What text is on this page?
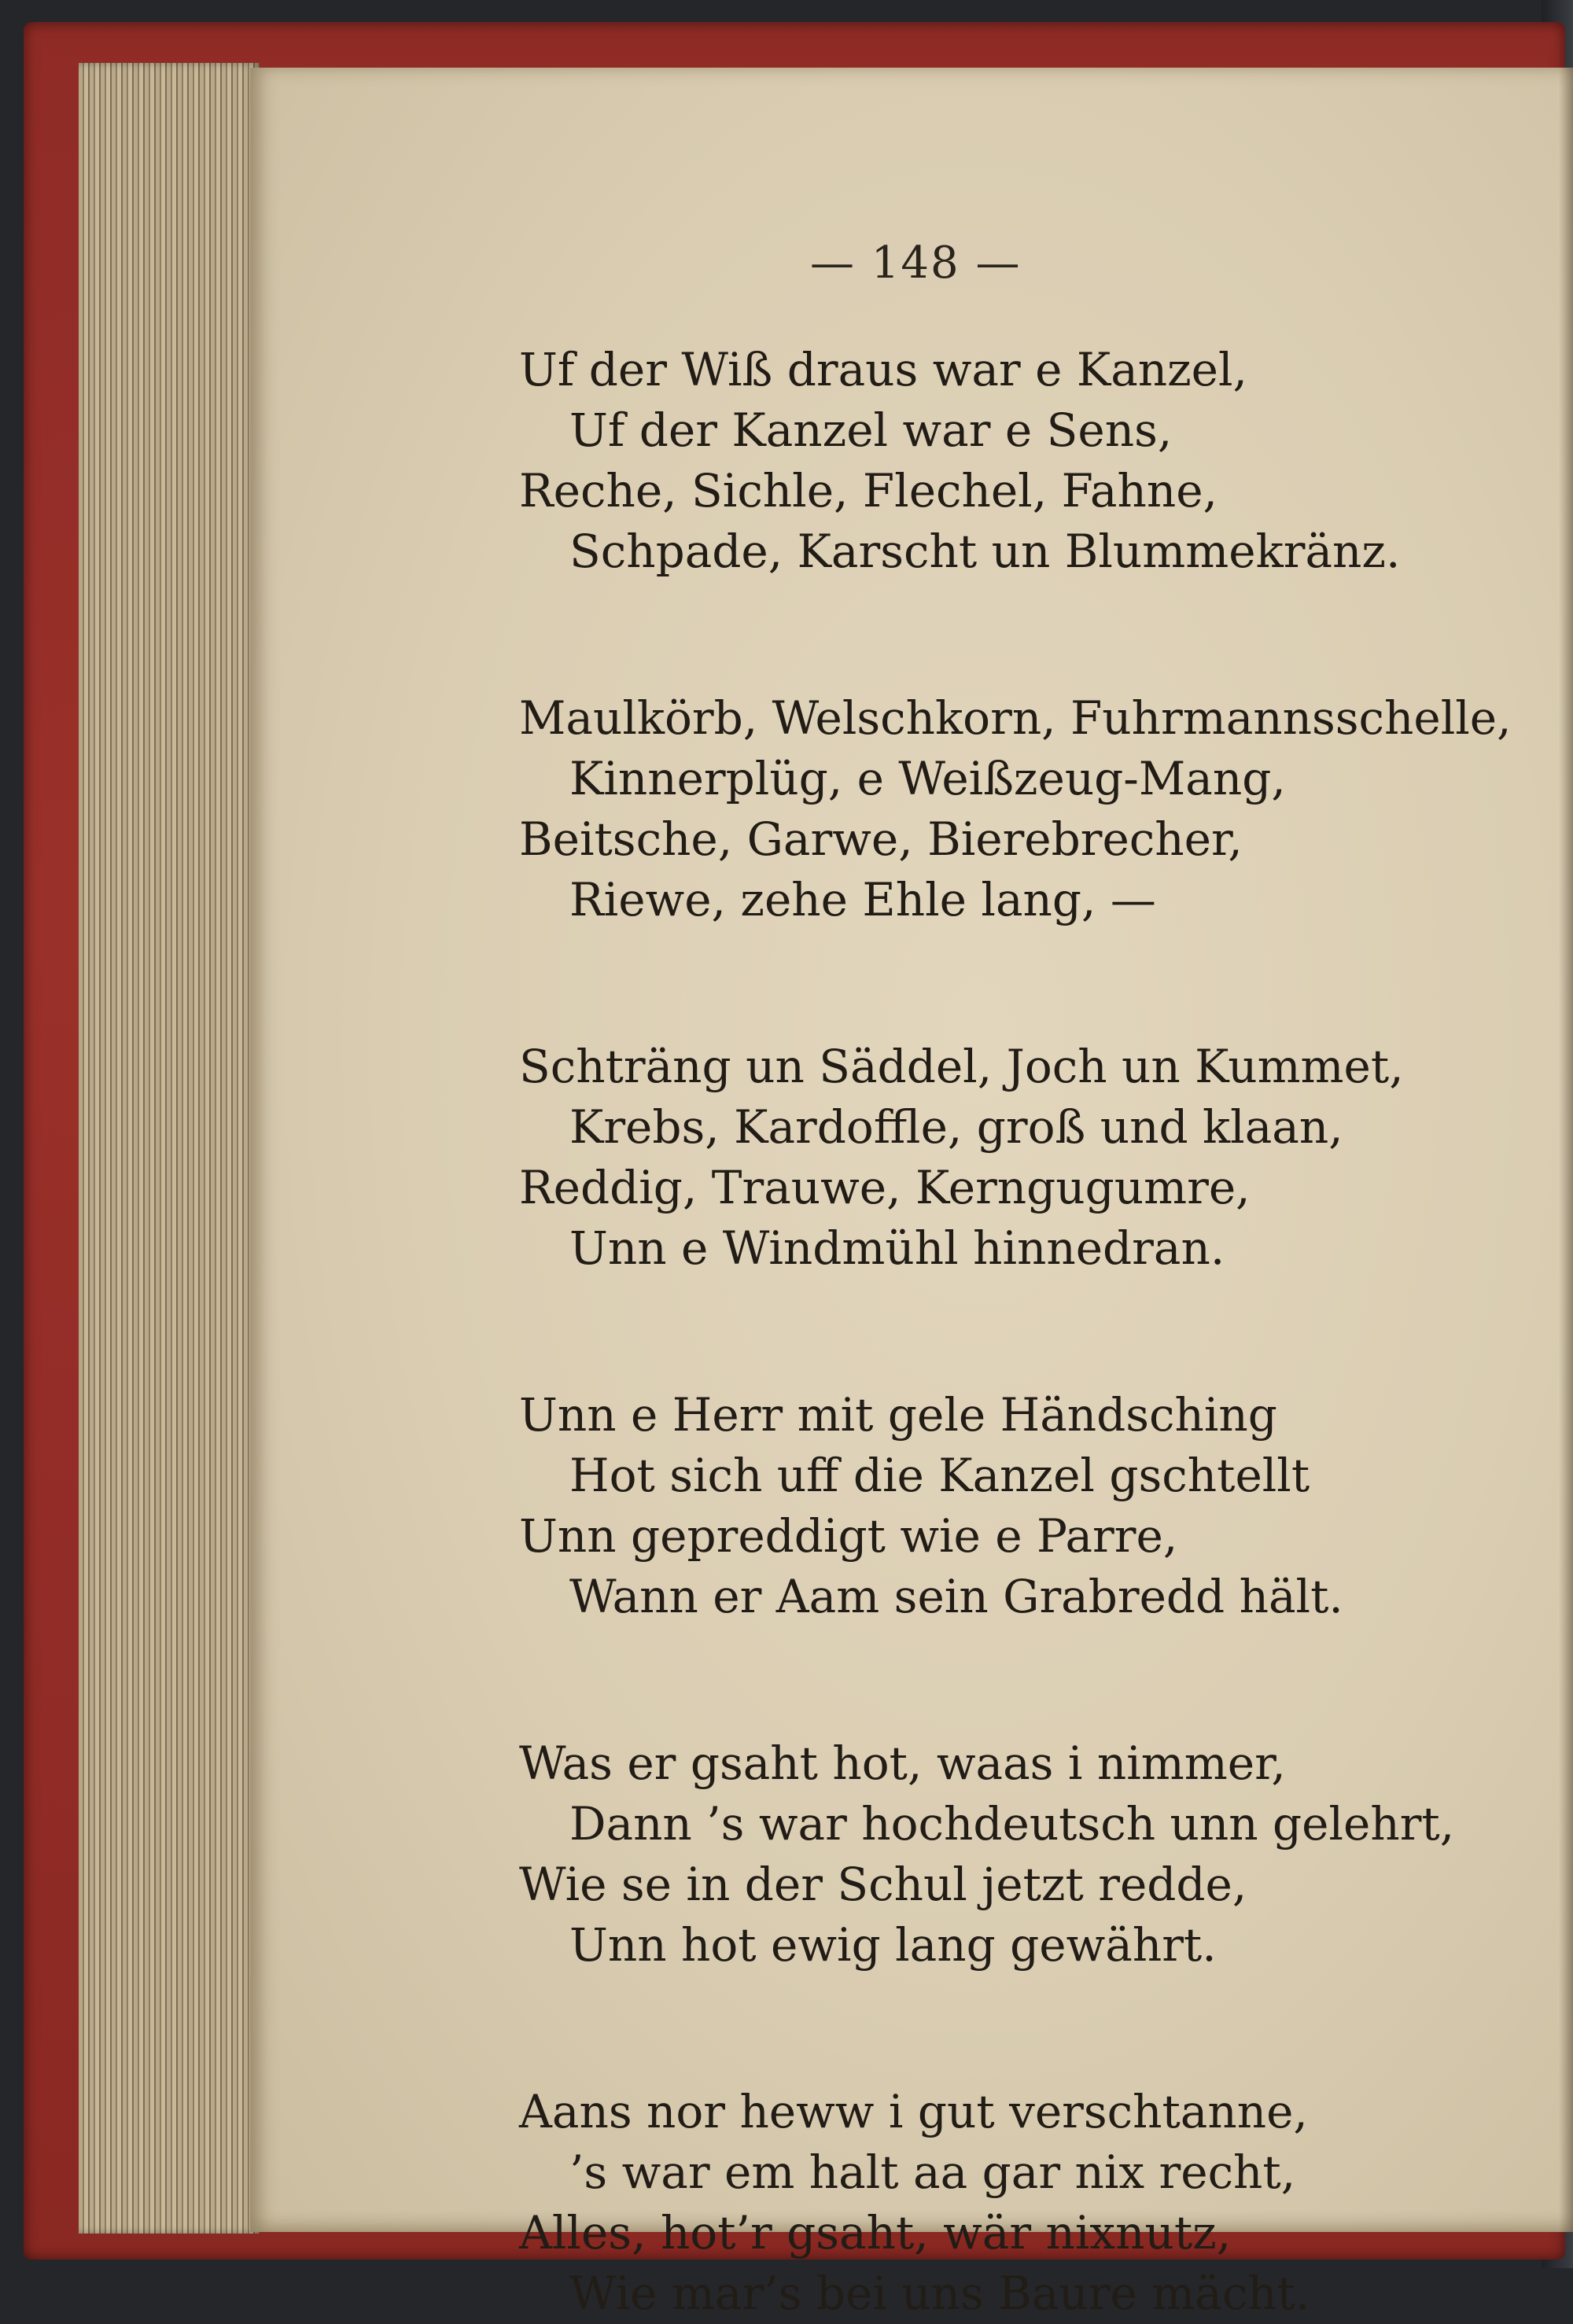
— 148 —
Uf der Wiß draus war e Kanzel,
Uf der Kanzel war e Sens,
Reche, Sichle, Flechel, Fahne,
Schpade, Karscht un Blummekränz.
Maulkörb, Welschkorn, Fuhrmannsschelle,
Kinnerplüg, e Weißzeug-Mang,
Beitsche, Garwe, Bierebrecher,
Riewe, zehe Ehle lang, —
Schträng un Säddel, Joch un Kummet,
Krebs, Kardoffle, groß und klaan,
Reddig, Trauwe, Kerngugumre,
Unn e Windmühl hinnedran.
Unn e Herr mit gele Händsching
Hot sich uff die Kanzel gschtellt
Unn gepreddigt wie e Parre,
Wann er Aam sein Grabredd hält.
Was er gsaht hot, waas i nimmer,
Dann ’s war hochdeutsch unn gelehrt,
Wie se in der Schul jetzt redde,
Unn hot ewig lang gewährt.
Aans nor heww i gut verschtanne,
’s war em halt aa gar nix recht,
Alles, hot’r gsaht, wär nixnutz,
Wie mar’s bei uns Baure mächt.
